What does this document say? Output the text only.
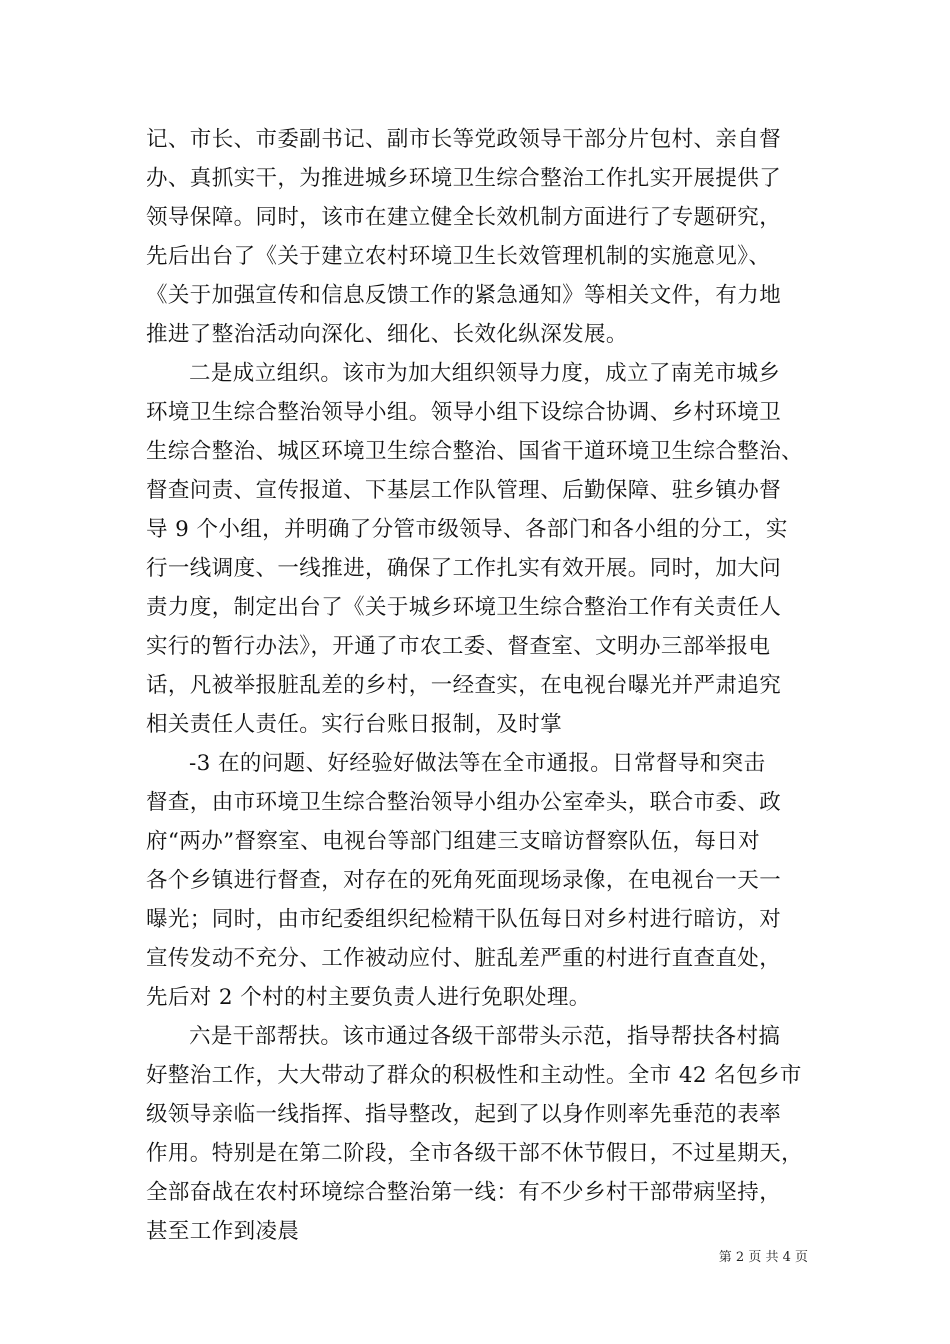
记、市长、市委副书记、副市长等党政领导干部分片包村、亲自督
办、真抓实干，为推进城乡环境卫生综合整治工作扎实开展提供了
领导保障。同时，该市在建立健全长效机制方面进行了专题研究，
先后出台了《关于建立农村环境卫生长效管理机制的实施意见》、
《关于加强宣传和信息反馈工作的紧急通知》等相关文件，有力地
推进了整治活动向深化、细化、长效化纵深发展。
二是成立组织。该市为加大组织领导力度，成立了南羌市城乡
环境卫生综合整治领导小组。领导小组下设综合协调、乡村环境卫
生综合整治、城区环境卫生综合整治、国省干道环境卫生综合整治、
督查问责、宣传报道、下基层工作队管理、后勤保障、驻乡镇办督
导 9 个小组，并明确了分管市级领导、各部门和各小组的分工，实
行一线调度、一线推进，确保了工作扎实有效开展。同时，加大问
责力度，制定出台了《关于城乡环境卫生综合整治工作有关责任人
实行的暂行办法》，开通了市农工委、督查室、文明办三部举报电
话，凡被举报脏乱差的乡村，一经查实，在电视台曝光并严肃追究
相关责任人责任。实行台账日报制，及时掌
-3 在的问题、好经验好做法等在全市通报。日常督导和突击
督查，由市环境卫生综合整治领导小组办公室牵头，联合市委、政
府“两办”督察室、电视台等部门组建三支暗访督察队伍，每日对
各个乡镇进行督查，对存在的死角死面现场录像，在电视台一天一
曝光；同时，由市纪委组织纪检精干队伍每日对乡村进行暗访，对
宣传发动不充分、工作被动应付、脏乱差严重的村进行直查直处，
先后对 2 个村的村主要负责人进行免职处理。
六是干部帮扶。该市通过各级干部带头示范，指导帮扶各村搞
好整治工作，大大带动了群众的积极性和主动性。全市 42 名包乡市
级领导亲临一线指挥、指导整改，起到了以身作则率先垂范的表率
作用。特别是在第二阶段，全市各级干部不休节假日，不过星期天，
全部奋战在农村环境综合整治第一线：有不少乡村干部带病坚持，
甚至工作到凌晨
第 2 页 共 4 页
